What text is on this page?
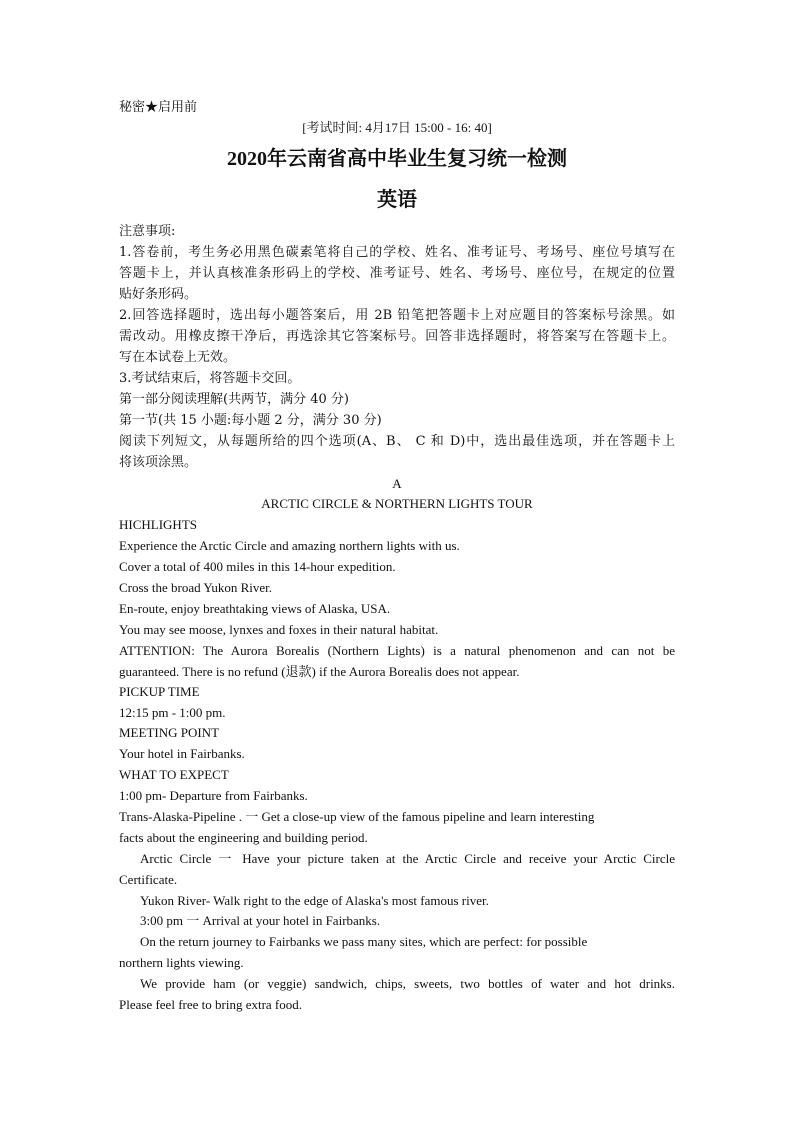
秘密★启用前
[考试时间: 4月17日 15:00 - 16: 40]
2020年云南省高中毕业生复习统一检测
英语
注意事项:
1.答卷前，考生务必用黑色碳素笔将自己的学校、姓名、准考证号、考场号、座位号填写在
答题卡上，并认真核准条形码上的学校、准考证号、姓名、考场号、座位号，在规定的位置
贴好条形码。
2.回答选择题时，选出每小题答案后，用 2B 铅笔把答题卡上对应题目的答案标号涂黑。如
需改动。用橡皮擦干净后，再选涂其它答案标号。回答非选择题时，将答案写在答题卡上。
写在本试卷上无效。
3.考试结束后，将答题卡交回。
第一部分阅读理解(共两节，满分 40 分)
第一节(共 15 小题:每小题 2 分，满分 30 分)
阅读下列短文，从每题所给的四个选项(A、B、 C 和 D)中，选出最佳选项，并在答题卡上
将该项涂黑。
A
ARCTIC CIRCLE & NORTHERN LIGHTS TOUR
HICHLIGHTS
Experience the Arctic Circle and amazing northern lights with us.
Cover a total of 400 miles in this 14-hour expedition.
Cross the broad Yukon River.
En-route, enjoy breathtaking views of Alaska, USA.
You may see moose, lynxes and foxes in their natural habitat.
ATTENTION: The Aurora Borealis (Northern Lights) is a natural phenomenon and can not be
guaranteed. There is no refund (退款) if the Aurora Borealis does not appear.
PICKUP TIME
12:15 pm - 1:00 pm.
MEETING POINT
Your hotel in Fairbanks.
WHAT TO EXPECT
1:00 pm- Departure from Fairbanks.
Trans-Alaska-Pipeline . 一 Get a close-up view of the famous pipeline and learn interesting
facts about the engineering and building period.
Arctic Circle 一 Have your picture taken at the Arctic Circle and receive your Arctic Circle
Certificate.
Yukon River- Walk right to the edge of Alaska's most famous river.
3:00 pm 一 Arrival at your hotel in Fairbanks.
On the return journey to Fairbanks we pass many sites, which are perfect: for possible
northern lights viewing.
We provide ham (or veggie) sandwich, chips, sweets, two bottles of water and hot drinks.
Please feel free to bring extra food.
